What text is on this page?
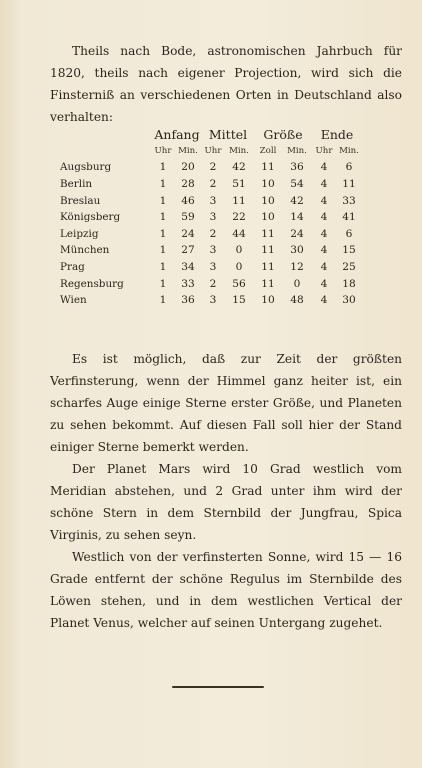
Theils nach Bode, astronomischen Jahrbuch für 1820, theils nach eigener Projection, wird sich die Finsterniß an verschiedenen Orten in Deutschland also verhalten:

	Anfang		Mittel		Größe		Ende	
	Uhr	Min.	Uhr	Min.	Zoll	Min.	Uhr	Min.
Augsburg	1	20	2	42	11	36	4	6
Berlin	1	28	2	51	10	54	4	11
Breslau	1	46	3	11	10	42	4	33
Königsberg	1	59	3	22	10	14	4	41
Leipzig	1	24	2	44	11	24	4	6
München	1	27	3	0	11	30	4	15
Prag	1	34	3	0	11	12	4	25
Regensburg	1	33	2	56	11	0	4	18
Wien	1	36	3	15	10	48	4	30

Es ist möglich, daß zur Zeit der größten Verfinsterung, wenn der Himmel ganz heiter ist, ein scharfes Auge einige Sterne erster Größe, und Planeten zu sehen bekommt. Auf diesen Fall soll hier der Stand einiger Sterne bemerkt werden.

Der Planet Mars wird 10 Grad westlich vom Meridian abstehen, und 2 Grad unter ihm wird der schöne Stern in dem Sternbild der Jungfrau, Spica Virginis, zu sehen seyn.

Westlich von der verfinsterten Sonne, wird 15 — 16 Grade entfernt der schöne Regulus im Sternbilde des Löwen stehen, und in dem westlichen Vertical der Planet Venus, welcher auf seinen Untergang zugehet.
